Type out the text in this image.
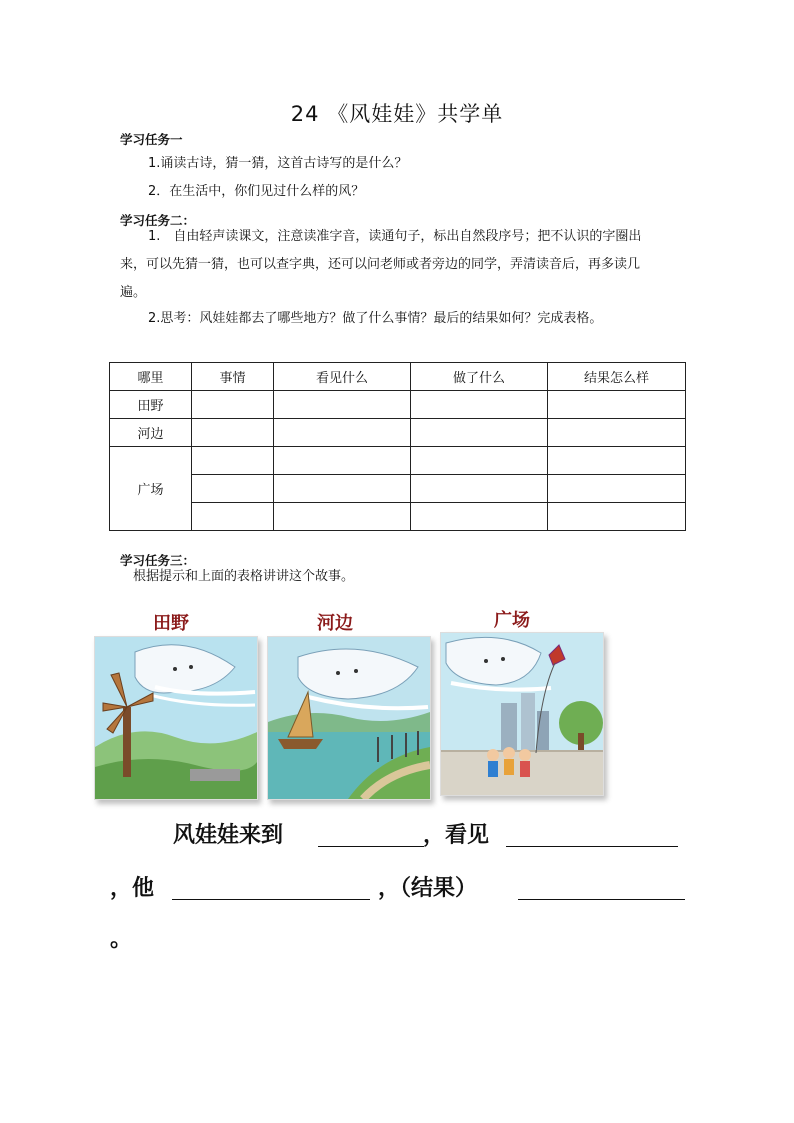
24 《风娃娃》共学单
学习任务一
1.诵读古诗，猜一猜，这首古诗写的是什么？
2．在生活中，你们见过什么样的风？
学习任务二：
1.　自由轻声读课文，注意读准字音，读通句子，标出自然段序号；把不认识的字圈出
来，可以先猜一猜，也可以查字典，还可以问老师或者旁边的同学，弄清读音后，再多读几
遍。
2.思考：风娃娃都去了哪些地方？做了什么事情？最后的结果如何？完成表格。
哪里	事情	看见什么	做了什么	结果怎么样
田野				
河边				
广场				

学习任务三：
根据提示和上面的表格讲讲这个故事。
田野	河边	广场
风娃娃来到	，看见
，他	，（结果）
。
